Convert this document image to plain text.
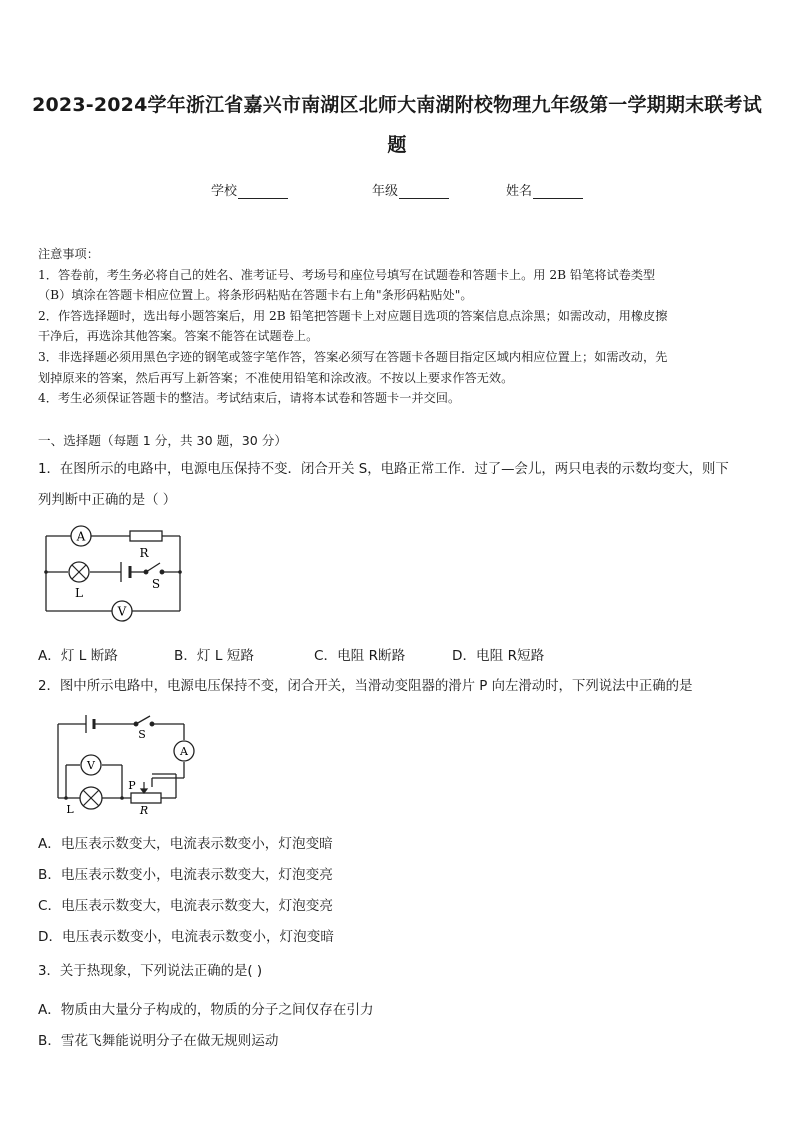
2023-2024学年浙江省嘉兴市南湖区北师大南湖附校物理九年级第一学期期末联考试
题
学校	年级	姓名

注意事项：

1．答卷前，考生务必将自己的姓名、准考证号、考场号和座位号填写在试题卷和答题卡上。用 2B 铅笔将试卷类型

（B）填涂在答题卡相应位置上。将条形码粘贴在答题卡右上角"条形码粘贴处"。

2．作答选择题时，选出每小题答案后，用 2B 铅笔把答题卡上对应题目选项的答案信息点涂黑；如需改动，用橡皮擦

干净后，再选涂其他答案。答案不能答在试题卷上。

3．非选择题必须用黑色字迹的钢笔或签字笔作答，答案必须写在答题卡各题目指定区域内相应位置上；如需改动，先

划掉原来的答案，然后再写上新答案；不准使用铅笔和涂改液。不按以上要求作答无效。

4．考生必须保证答题卡的整洁。考试结束后，请将本试卷和答题卡一并交回。

一、选择题（每题 1 分，共 30 题，30 分）
1．在图所示的电路中，电源电压保持不变．闭合开关 S，电路正常工作．过了—会儿，两只电表的示数均变大，则下
列判断中正确的是（ ）
A
R
L
S
V
A．灯 L 断路	B．灯 L 短路	C．电阻 R断路	D．电阻 R短路
2．图中所示电路中，电源电压保持不变，闭合开关，当滑动变阻器的滑片 P 向左滑动时，下列说法中正确的是
S
A
V
L
P
R
A．电压表示数变大，电流表示数变小，灯泡变暗
B．电压表示数变小，电流表示数变大，灯泡变亮
C．电压表示数变大，电流表示数变大，灯泡变亮
D．电压表示数变小，电流表示数变小，灯泡变暗
3．关于热现象，下列说法正确的是( )
A．物质由大量分子构成的，物质的分子之间仅存在引力
B．雪花飞舞能说明分子在做无规则运动
